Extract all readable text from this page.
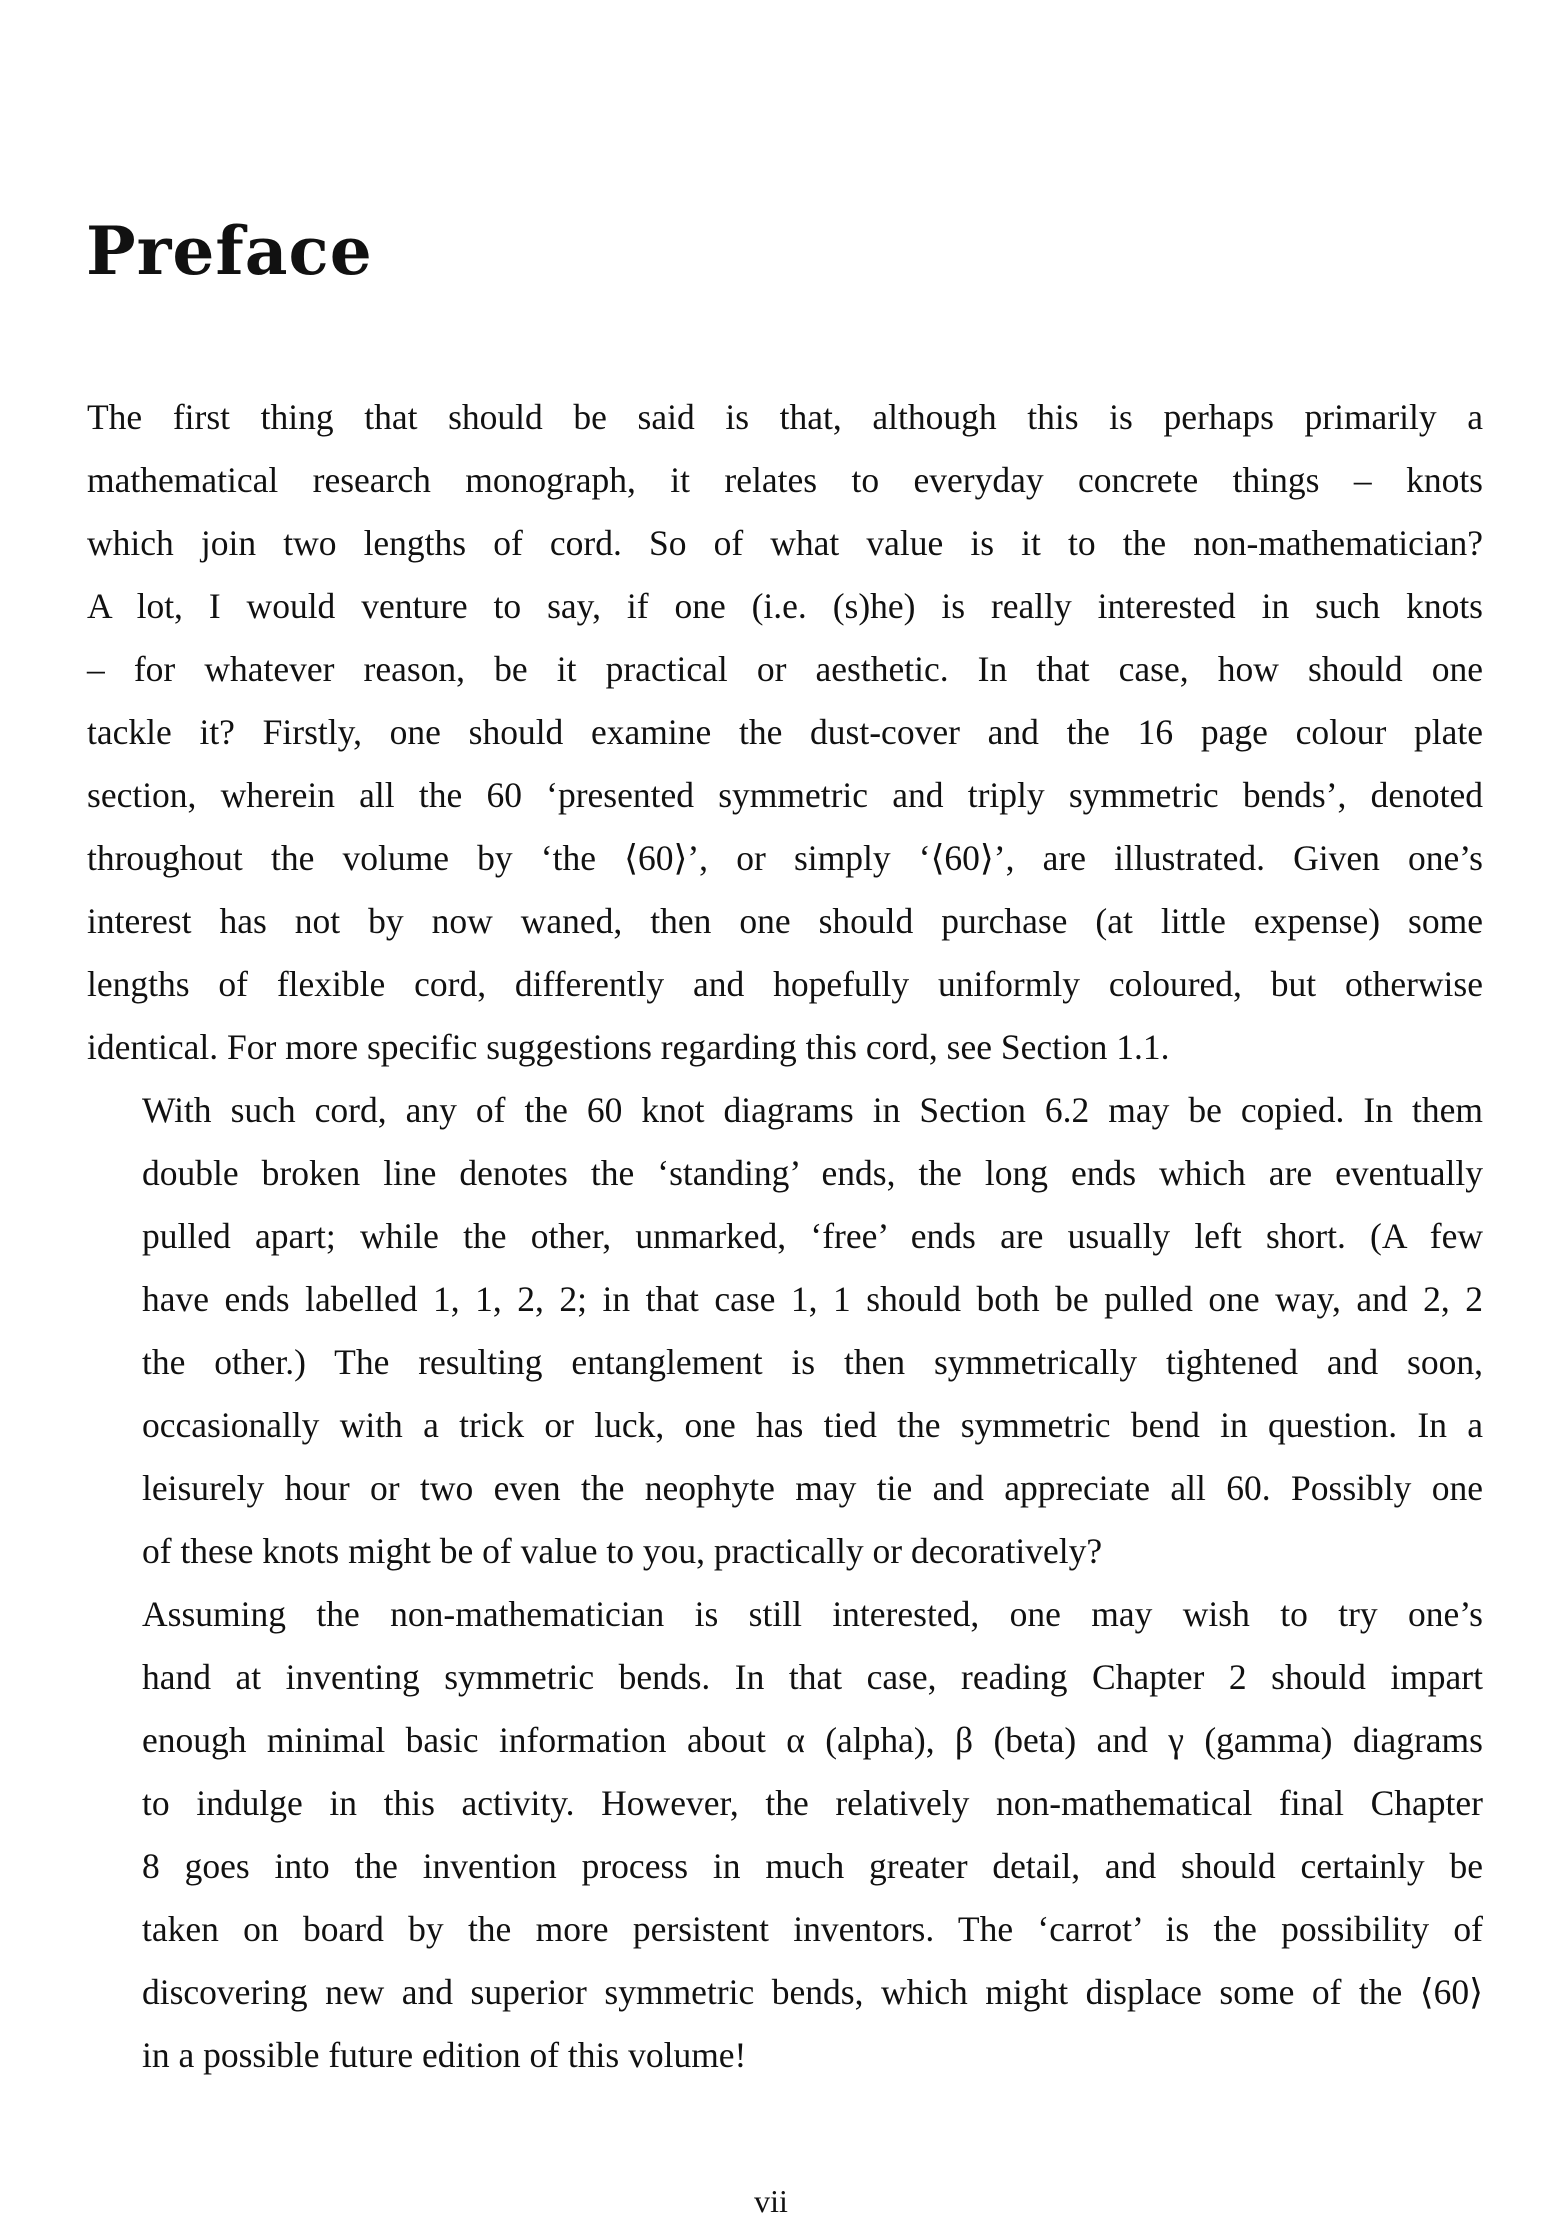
Preface

The first thing that should be said is that, although this is perhaps primarily a
mathematical research monograph, it relates to everyday concrete things – knots
which join two lengths of cord. So of what value is it to the non-mathematician?
A lot, I would venture to say, if one (i.e. (s)he) is really interested in such knots
– for whatever reason, be it practical or aesthetic. In that case, how should one
tackle it? Firstly, one should examine the dust-cover and the 16 page colour plate
section, wherein all the 60 ‘presented symmetric and triply symmetric bends’, denoted
throughout the volume by ‘the ⟨60⟩’, or simply ‘⟨60⟩’, are illustrated. Given one’s
interest has not by now waned, then one should purchase (at little expense) some
lengths of flexible cord, differently and hopefully uniformly coloured, but otherwise
identical. For more specific suggestions regarding this cord, see Section 1.1.

With such cord, any of the 60 knot diagrams in Section 6.2 may be copied. In them
double broken line denotes the ‘standing’ ends, the long ends which are eventually
pulled apart; while the other, unmarked, ‘free’ ends are usually left short. (A few
have ends labelled 1, 1, 2, 2; in that case 1, 1 should both be pulled one way, and 2, 2
the other.) The resulting entanglement is then symmetrically tightened and soon,
occasionally with a trick or luck, one has tied the symmetric bend in question. In a
leisurely hour or two even the neophyte may tie and appreciate all 60. Possibly one
of these knots might be of value to you, practically or decoratively?

Assuming the non-mathematician is still interested, one may wish to try one’s
hand at inventing symmetric bends. In that case, reading Chapter 2 should impart
enough minimal basic information about α (alpha), β (beta) and γ (gamma) diagrams
to indulge in this activity. However, the relatively non-mathematical final Chapter
8 goes into the invention process in much greater detail, and should certainly be
taken on board by the more persistent inventors. The ‘carrot’ is the possibility of
discovering new and superior symmetric bends, which might displace some of the ⟨60⟩
in a possible future edition of this volume!

vii
